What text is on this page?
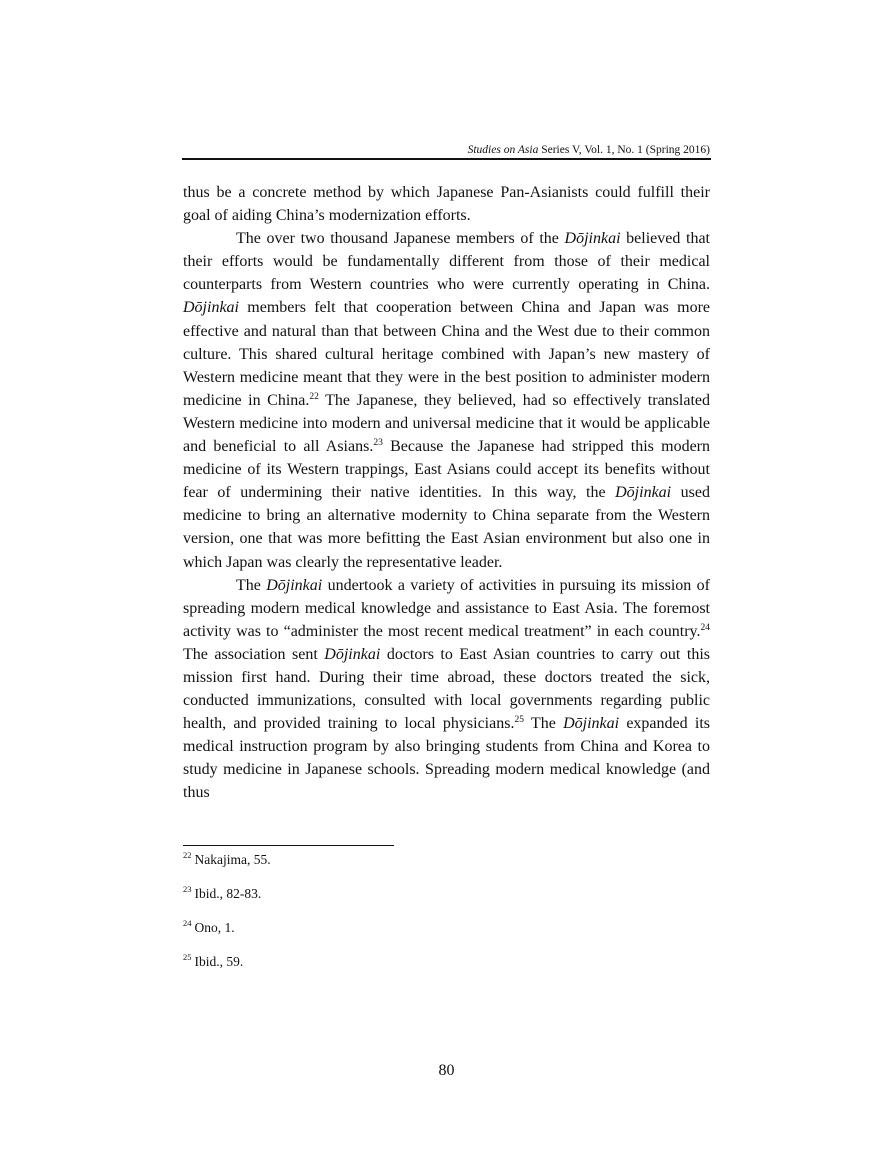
Studies on Asia Series V, Vol. 1, No. 1 (Spring 2016)

thus be a concrete method by which Japanese Pan-Asianists could fulfill their goal of aiding China’s modernization efforts.

The over two thousand Japanese members of the Dōjinkai believed that their efforts would be fundamentally different from those of their medical counterparts from Western countries who were currently operating in China. Dōjinkai members felt that cooperation between China and Japan was more effective and natural than that between China and the West due to their common culture. This shared cultural heritage combined with Japan’s new mastery of Western medicine meant that they were in the best position to administer modern medicine in China.$^{22}$ The Japanese, they believed, had so effectively translated Western medicine into modern and universal medicine that it would be applicable and beneficial to all Asians.$^{23}$ Because the Japanese had stripped this modern medicine of its Western trappings, East Asians could accept its benefits without fear of undermining their native identities. In this way, the Dōjinkai used medicine to bring an alternative modernity to China separate from the Western version, one that was more befitting the East Asian environment but also one in which Japan was clearly the representative leader.

The Dōjinkai undertook a variety of activities in pursuing its mission of spreading modern medical knowledge and assistance to East Asia. The foremost activity was to “administer the most recent medical treatment” in each country.$^{24}$ The association sent Dōjinkai doctors to East Asian countries to carry out this mission first hand. During their time abroad, these doctors treated the sick, conducted immunizations, consulted with local governments regarding public health, and provided training to local physicians.$^{25}$ The Dōjinkai expanded its medical instruction program by also bringing students from China and Korea to study medicine in Japanese schools. Spreading modern medical knowledge (and thus

$^{22}$ Nakajima, 55.
$^{23}$ Ibid., 82-83.
$^{24}$ Ono, 1.
$^{25}$ Ibid., 59.
80
